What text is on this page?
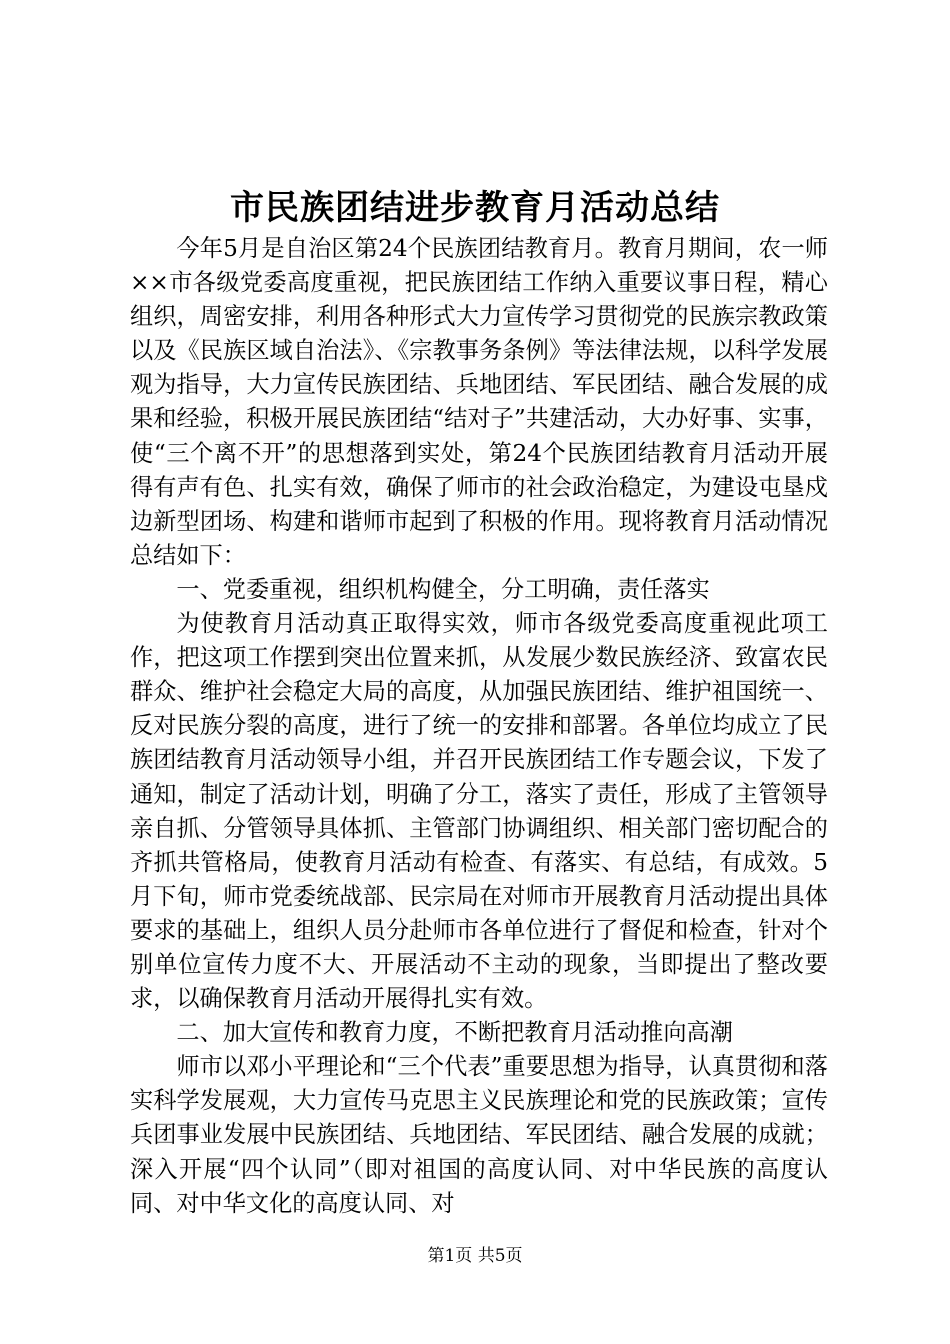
市民族团结进步教育月活动总结

今年5月是自治区第24个民族团结教育月。教育月期间，农一师××市各级党委高度重视，把民族团结工作纳入重要议事日程，精心组织，周密安排，利用各种形式大力宣传学习贯彻党的民族宗教政策以及《民族区域自治法》、《宗教事务条例》等法律法规，以科学发展观为指导，大力宣传民族团结、兵地团结、军民团结、融合发展的成果和经验，积极开展民族团结“结对子”共建活动，大办好事、实事，使“三个离不开”的思想落到实处，第24个民族团结教育月活动开展得有声有色、扎实有效，确保了师市的社会政治稳定，为建设屯垦戍边新型团场、构建和谐师市起到了积极的作用。现将教育月活动情况总结如下：

一、党委重视，组织机构健全，分工明确，责任落实

为使教育月活动真正取得实效，师市各级党委高度重视此项工作，把这项工作摆到突出位置来抓，从发展少数民族经济、致富农民群众、维护社会稳定大局的高度，从加强民族团结、维护祖国统一、反对民族分裂的高度，进行了统一的安排和部署。各单位均成立了民族团结教育月活动领导小组，并召开民族团结工作专题会议，下发了通知，制定了活动计划，明确了分工，落实了责任，形成了主管领导亲自抓、分管领导具体抓、主管部门协调组织、相关部门密切配合的齐抓共管格局，使教育月活动有检查、有落实、有总结，有成效。5月下旬，师市党委统战部、民宗局在对师市开展教育月活动提出具体要求的基础上，组织人员分赴师市各单位进行了督促和检查，针对个别单位宣传力度不大、开展活动不主动的现象，当即提出了整改要求，以确保教育月活动开展得扎实有效。

二、加大宣传和教育力度，不断把教育月活动推向高潮

师市以邓小平理论和“三个代表”重要思想为指导，认真贯彻和落实科学发展观，大力宣传马克思主义民族理论和党的民族政策；宣传兵团事业发展中民族团结、兵地团结、军民团结、融合发展的成就；深入开展“四个认同”（即对祖国的高度认同、对中华民族的高度认同、对中华文化的高度认同、对

第1页 共5页
